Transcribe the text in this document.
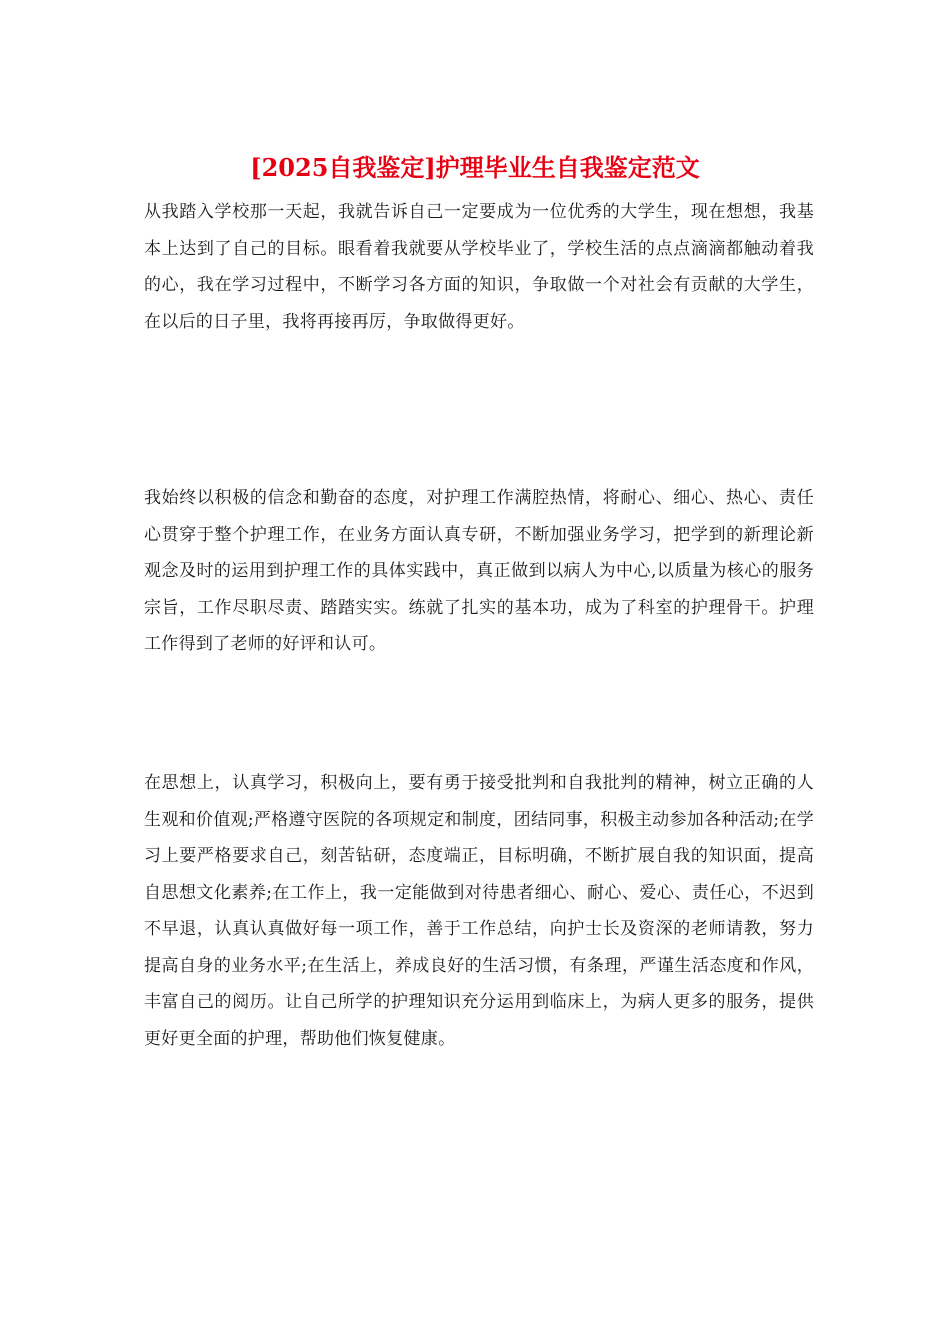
[2025自我鉴定]护理毕业生自我鉴定范文

从我踏入学校那一天起，我就告诉自己一定要成为一位优秀的大学生，现在想想，我基本上达到了自己的目标。眼看着我就要从学校毕业了，学校生活的点点滴滴都触动着我的心，我在学习过程中，不断学习各方面的知识，争取做一个对社会有贡献的大学生，在以后的日子里，我将再接再厉，争取做得更好。

我始终以积极的信念和勤奋的态度，对护理工作满腔热情，将耐心、细心、热心、责任心贯穿于整个护理工作，在业务方面认真专研，不断加强业务学习，把学到的新理论新观念及时的运用到护理工作的具体实践中，真正做到以病人为中心,以质量为核心的服务宗旨，工作尽职尽责、踏踏实实。练就了扎实的基本功，成为了科室的护理骨干。护理工作得到了老师的好评和认可。

在思想上，认真学习，积极向上，要有勇于接受批判和自我批判的精神，树立正确的人生观和价值观;严格遵守医院的各项规定和制度，团结同事，积极主动参加各种活动;在学习上要严格要求自己，刻苦钻研，态度端正，目标明确，不断扩展自我的知识面，提高自思想文化素养;在工作上，我一定能做到对待患者细心、耐心、爱心、责任心，不迟到不早退，认真认真做好每一项工作，善于工作总结，向护士长及资深的老师请教，努力提高自身的业务水平;在生活上，养成良好的生活习惯，有条理，严谨生活态度和作风，丰富自己的阅历。让自己所学的护理知识充分运用到临床上，为病人更多的服务，提供更好更全面的护理，帮助他们恢复健康。
